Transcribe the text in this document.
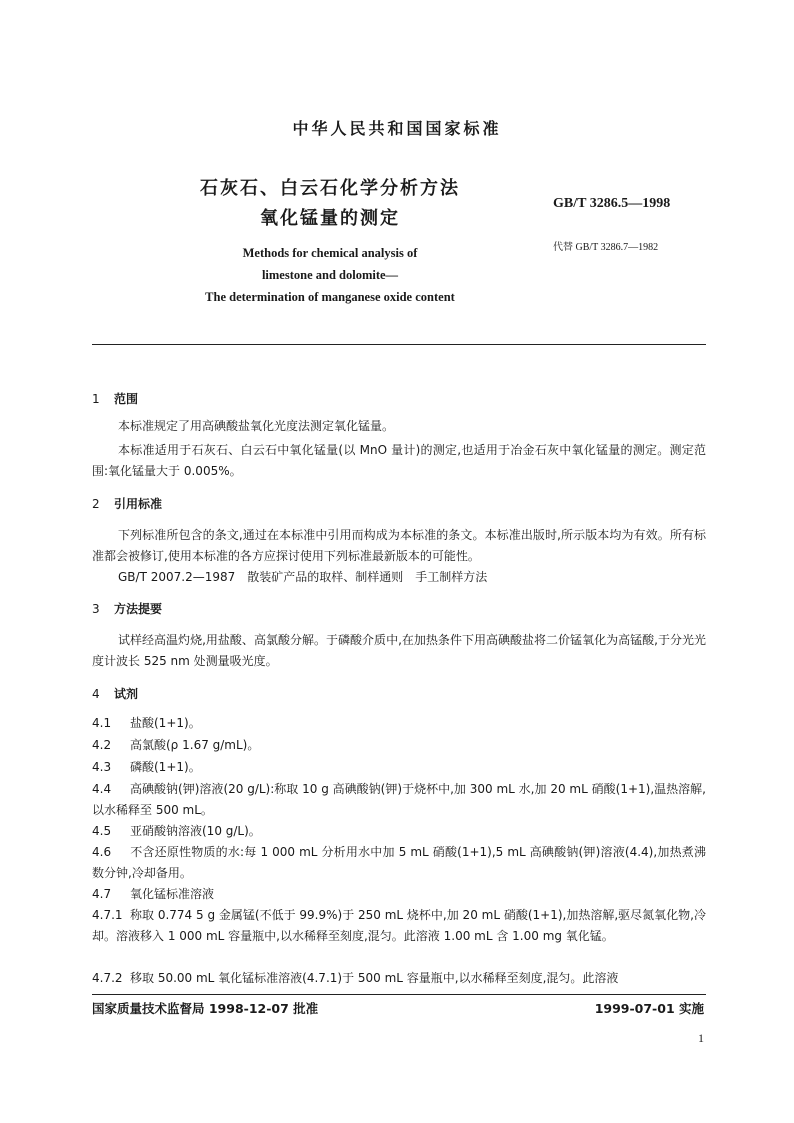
中华人民共和国国家标准
石灰石、白云石化学分析方法
氧化锰量的测定
GB/T 3286.5—1998
代替 GB/T 3286.7—1982
Methods for chemical analysis of
limestone and dolomite—
The determination of manganese oxide content
1 范围
本标准规定了用高碘酸盐氧化光度法测定氧化锰量。
本标准适用于石灰石、白云石中氧化锰量(以 MnO 量计)的测定,也适用于冶金石灰中氧化锰量的测定。测定范围:氧化锰量大于 0.005%。
2 引用标准
下列标准所包含的条文,通过在本标准中引用而构成为本标准的条文。本标准出版时,所示版本均为有效。所有标准都会被修订,使用本标准的各方应探讨使用下列标准最新版本的可能性。
GB/T 2007.2—1987　散装矿产品的取样、制样通则　手工制样方法
3 方法提要
试样经高温灼烧,用盐酸、高氯酸分解。于磷酸介质中,在加热条件下用高碘酸盐将二价锰氧化为高锰酸,于分光光度计波长 525 nm 处测量吸光度。
4 试剂
4.1 盐酸(1+1)。
4.2 高氯酸(ρ 1.67 g/mL)。
4.3 磷酸(1+1)。
4.4 高碘酸钠(钾)溶液(20 g/L):称取 10 g 高碘酸钠(钾)于烧杯中,加 300 mL 水,加 20 mL 硝酸(1+1),温热溶解,以水稀释至 500 mL。
4.5 亚硝酸钠溶液(10 g/L)。
4.6 不含还原性物质的水:每 1 000 mL 分析用水中加 5 mL 硝酸(1+1),5 mL 高碘酸钠(钾)溶液(4.4),加热煮沸数分钟,冷却备用。
4.7 氧化锰标准溶液
4.7.1 称取 0.774 5 g 金属锰(不低于 99.9%)于 250 mL 烧杯中,加 20 mL 硝酸(1+1),加热溶解,驱尽氮氧化物,冷却。溶液移入 1 000 mL 容量瓶中,以水稀释至刻度,混匀。此溶液 1.00 mL 含 1.00 mg 氧化锰。
4.7.2 移取 50.00 mL 氧化锰标准溶液(4.7.1)于 500 mL 容量瓶中,以水稀释至刻度,混匀。此溶液
国家质量技术监督局 1998-12-07 批准	1999-07-01 实施
1
